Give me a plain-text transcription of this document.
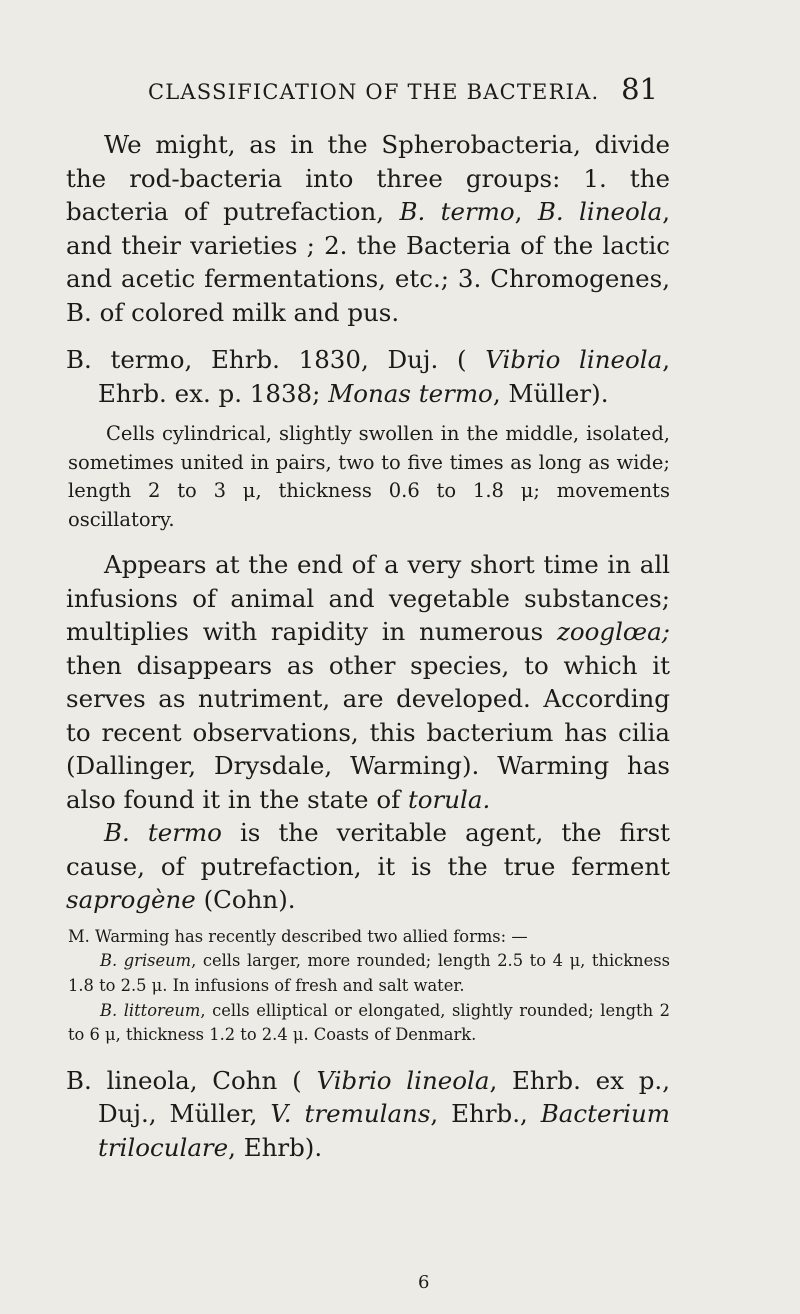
CLASSIFICATION OF THE BACTERIA. 81

We might, as in the Spherobacteria, divide the rod-bacteria into three groups: 1. the bacteria of putrefaction, B. termo, B. lineola, and their varieties ; 2. the Bacteria of the lactic and acetic fermentations, etc.; 3. Chromogenes, B. of colored milk and pus.

B. termo, Ehrb. 1830, Duj. ( Vibrio lineola, Ehrb. ex. p. 1838; Monas termo, Müller).

Cells cylindrical, slightly swollen in the middle, isolated, sometimes united in pairs, two to five times as long as wide; length 2 to 3 μ, thickness 0.6 to 1.8 μ; movements oscillatory.

Appears at the end of a very short time in all infusions of animal and vegetable substances; multiplies with rapidity in numerous zooglœa; then disappears as other species, to which it serves as nutriment, are developed. According to recent observations, this bacterium has cilia (Dallinger, Drysdale, Warming). Warming has also found it in the state of torula.

B. termo is the veritable agent, the first cause, of putrefaction, it is the true ferment saprogène (Cohn).

M. Warming has recently described two allied forms: —

B. griseum, cells larger, more rounded; length 2.5 to 4 μ, thickness 1.8 to 2.5 μ. In infusions of fresh and salt water.

B. littoreum, cells elliptical or elongated, slightly rounded; length 2 to 6 μ, thickness 1.2 to 2.4 μ. Coasts of Denmark.

B. lineola, Cohn ( Vibrio lineola, Ehrb. ex p., Duj., Müller, V. tremulans, Ehrb., Bacterium triloculare, Ehrb).

6
